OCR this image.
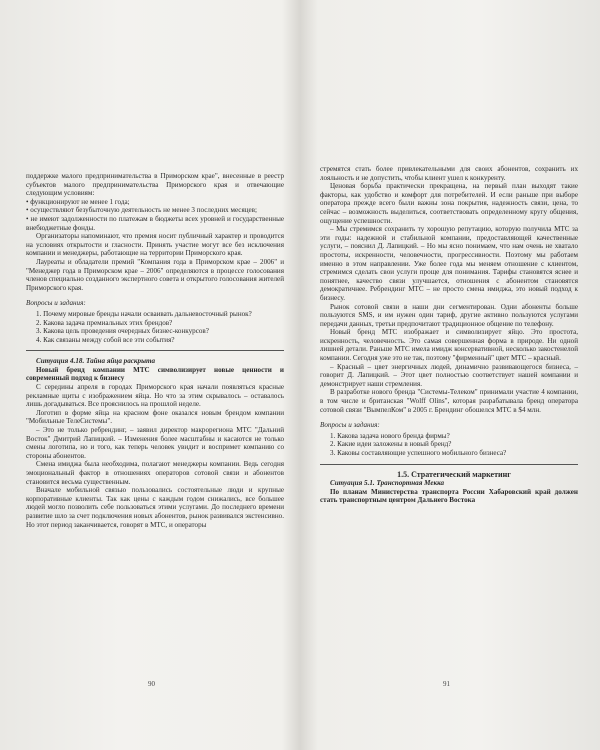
поддержке малого предпринимательства в Приморском крае", внесенные в реестр субъектов малого предпринимательства Приморского края и отвечающие следующим условиям:

• функционируют не менее 1 года;

• осуществляют безубыточную деятельность не менее 3 последних месяцев;

• не имеют задолженности по платежам в бюджеты всех уровней и государственные внебюджетные фонды.

Организаторы напоминают, что премия носит публичный характер и проводится на условиях открытости и гласности. Принять участие могут все без исключения компании и менеджеры, работающие на территории Приморского края.

Лауреаты и обладатели премий "Компания года в Приморском крае – 2006" и "Менеджер года в Приморском крае – 2006" определяются в процессе голосования членов специально созданного экспертного совета и открытого голосования жителей Приморского края.

Вопросы и задания:

1. Почему мировые бренды начали осваивать дальневосточный рынок?
2. Какова задача премиальных этих брендов?
3. Какова цель проведения очередных бизнес-конкурсов?
4. Как связаны между собой все эти события?

Ситуация 4.18. Тайна яйца раскрыта

Новый бренд компании МТС символизирует новые ценности и современный подход к бизнесу

С середины апреля в городах Приморского края начали появляться красные рекламные щиты с изображением яйца. Но что за этим скрывалось – оставалось лишь догадываться. Все прояснилось на прошлой неделе.

Логотип в форме яйца на красном фоне оказался новым брендом компании "Мобильные ТелеСистемы".

– Это не только ребрендинг, – заявил директор макрорегиона МТС "Дальний Восток" Дмитрий Лапицкий. – Изменения более масштабны и касаются не только смены логотипа, но и того, как теперь человек увидит и воспримет компанию со стороны абонентов.

Смена имиджа была необходима, полагают менеджеры компании. Ведь сегодня эмоциональный фактор в отношениях операторов сотовой связи и абонентов становится весьма существенным.

Вначале мобильной связью пользовались состоятельные люди и крупные корпоративные клиенты. Так как цены с каждым годом снижались, все большее людей могло позволить себе пользоваться этими услугами. До последнего времени развитие шло за счет подключения новых абонентов, рынок развивался экстенсивно. Но этот период заканчивается, говорят в МТС, и операторы

90

стремятся стать более привлекательными для своих абонентов, сохранить их лояльность и не допустить, чтобы клиент ушел к конкуренту.

Ценовая борьба практически прекращена, на первый план выходят такие факторы, как удобство и комфорт для потребителей. И если раньше при выборе оператора прежде всего были важны зона покрытия, надежность связи, цена, то сейчас – возможность выделиться, соответствовать определенному кругу общения, ощущение успешности.

– Мы стремимся сохранить ту хорошую репутацию, которую получила МТС за эти годы: надежной и стабильной компании, предоставляющей качественные услуги, – пояснил Д. Лапицкий. – Но мы ясно понимаем, что нам очень не хватало простоты, искренности, человечности, прогрессивности. Поэтому мы работаем именно в этом направлении. Уже более года мы меняем отношение с клиентом, стремимся сделать свои услуги проще для понимания. Тарифы становятся яснее и понятнее, качество связи улучшается, отношения с абонентом становятся демократичнее. Ребрендинг МТС – не просто смена имиджа, это новый подход к бизнесу.

Рынок сотовой связи в наши дни сегментирован. Одни абоненты больше пользуются SMS, и им нужен один тариф, другие активно пользуются услугами передачи данных, третьи предпочитают традиционное общение по телефону.

Новый бренд МТС изображает и символизирует яйцо. Это простота, искренность, человечность. Это самая совершенная форма в природе. Ни одной лишней детали. Раньше МТС имела имидж консервативной, несколько закостенелой компании. Сегодня уже это не так, поэтому "фирменный" цвет МТС – красный.

– Красный – цвет энергичных людей, динамично развивающегося бизнеса, – говорит Д. Лапицкий. – Этот цвет полностью соответствует нашей компании и демонстрирует наши стремления.

В разработке нового бренда "Системы-Телеком" принимали участие 4 компании, в том числе и британская "Wolff Olins", которая разрабатывала бренд оператора сотовой связи "ВымпелКом" в 2005 г. Брендинг обошелся МТС в $4 млн.

Вопросы и задания:

1. Какова задача нового бренда фирмы?
2. Какие идеи заложены в новый бренд?
3. Каковы составляющие успешного мобильного бизнеса?

1.5. Стратегический маркетинг

Ситуация 5.1. Транспортная Мекка

По планам Министерства транспорта России Хабаровский край должен стать транспортным центром Дальнего Востока

91
